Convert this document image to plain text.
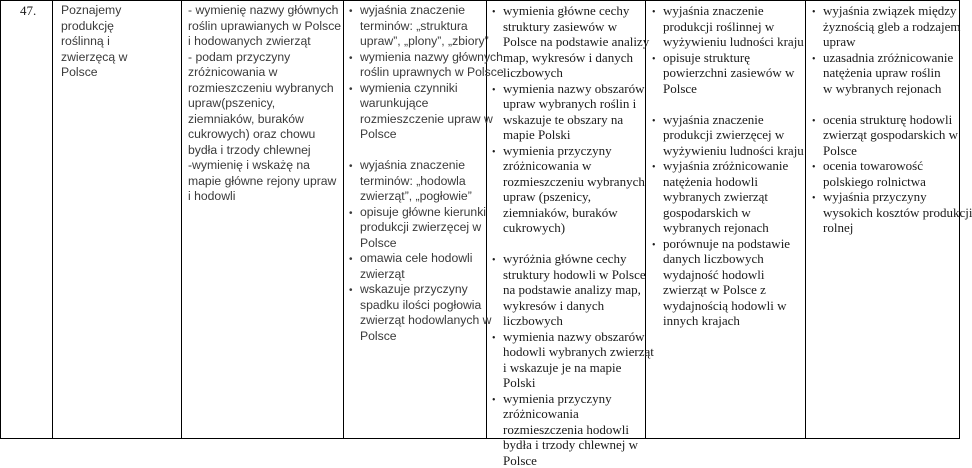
47.	Poznajemy
produkcję
roślinną i
zwierzęcą w
Polsce
- wymienię nazwy głównych
roślin uprawianych w Polsce
i hodowanych zwierząt
- podam przyczyny
zróżnicowania w
rozmieszczeniu wybranych
upraw(pszenicy,
ziemniaków, buraków
cukrowych) oraz chowu
bydła i trzody chlewnej
-wymienię i wskażę na
mapie główne rejony upraw
i hodowli
• wyjaśnia znaczenie
terminów: „struktura
upraw”, „plony”, „zbiory”
• wymienia nazwy głównych
roślin uprawnych w Polsce
• wymienia czynniki
warunkujące
rozmieszczenie upraw w
Polsce
• wyjaśnia znaczenie
terminów: „hodowla
zwierząt”, „pogłowie”
• opisuje główne kierunki
produkcji zwierzęcej w
Polsce
• omawia cele hodowli
zwierząt
• wskazuje przyczyny
spadku ilości pogłowia
zwierząt hodowlanych w
Polsce
• wymienia główne cechy
struktury zasiewów w
Polsce na podstawie analizy
map, wykresów i danych
liczbowych
• wymienia nazwy obszarów
upraw wybranych roślin i
wskazuje te obszary na
mapie Polski
• wymienia przyczyny
zróżnicowania w
rozmieszczeniu wybranych
upraw (pszenicy,
ziemniaków, buraków
cukrowych)
• wyróżnia główne cechy
struktury hodowli w Polsce
na podstawie analizy map,
wykresów i danych
liczbowych
• wymienia nazwy obszarów
hodowli wybranych zwierząt
i wskazuje je na mapie
Polski
• wymienia przyczyny
zróżnicowania
rozmieszczenia hodowli
bydła i trzody chlewnej w
Polsce
• wyjaśnia znaczenie
produkcji roślinnej w
wyżywieniu ludności kraju
• opisuje strukturę
powierzchni zasiewów w
Polsce
• wyjaśnia znaczenie
produkcji zwierzęcej w
wyżywieniu ludności kraju
• wyjaśnia zróżnicowanie
natężenia hodowli
wybranych zwierząt
gospodarskich w
wybranych rejonach
• porównuje na podstawie
danych liczbowych
wydajność hodowli
zwierząt w Polsce z
wydajnością hodowli w
innych krajach
• wyjaśnia związek między
żyznością gleb a rodzajem
upraw
• uzasadnia zróżnicowanie
natężenia upraw roślin
w wybranych rejonach
• ocenia strukturę hodowli
zwierząt gospodarskich w
Polsce
• ocenia towarowość
polskiego rolnictwa
• wyjaśnia przyczyny
wysokich kosztów produkcji
rolnej
